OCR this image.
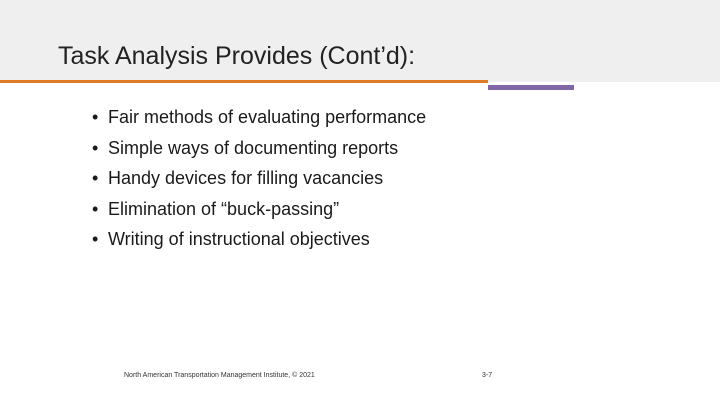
Task Analysis Provides (Cont’d):
• Fair methods of evaluating performance
• Simple ways of documenting reports
• Handy devices for filling vacancies
• Elimination of “buck-passing”
• Writing of instructional objectives
North American Transportation Management Institute, © 2021	3-7
